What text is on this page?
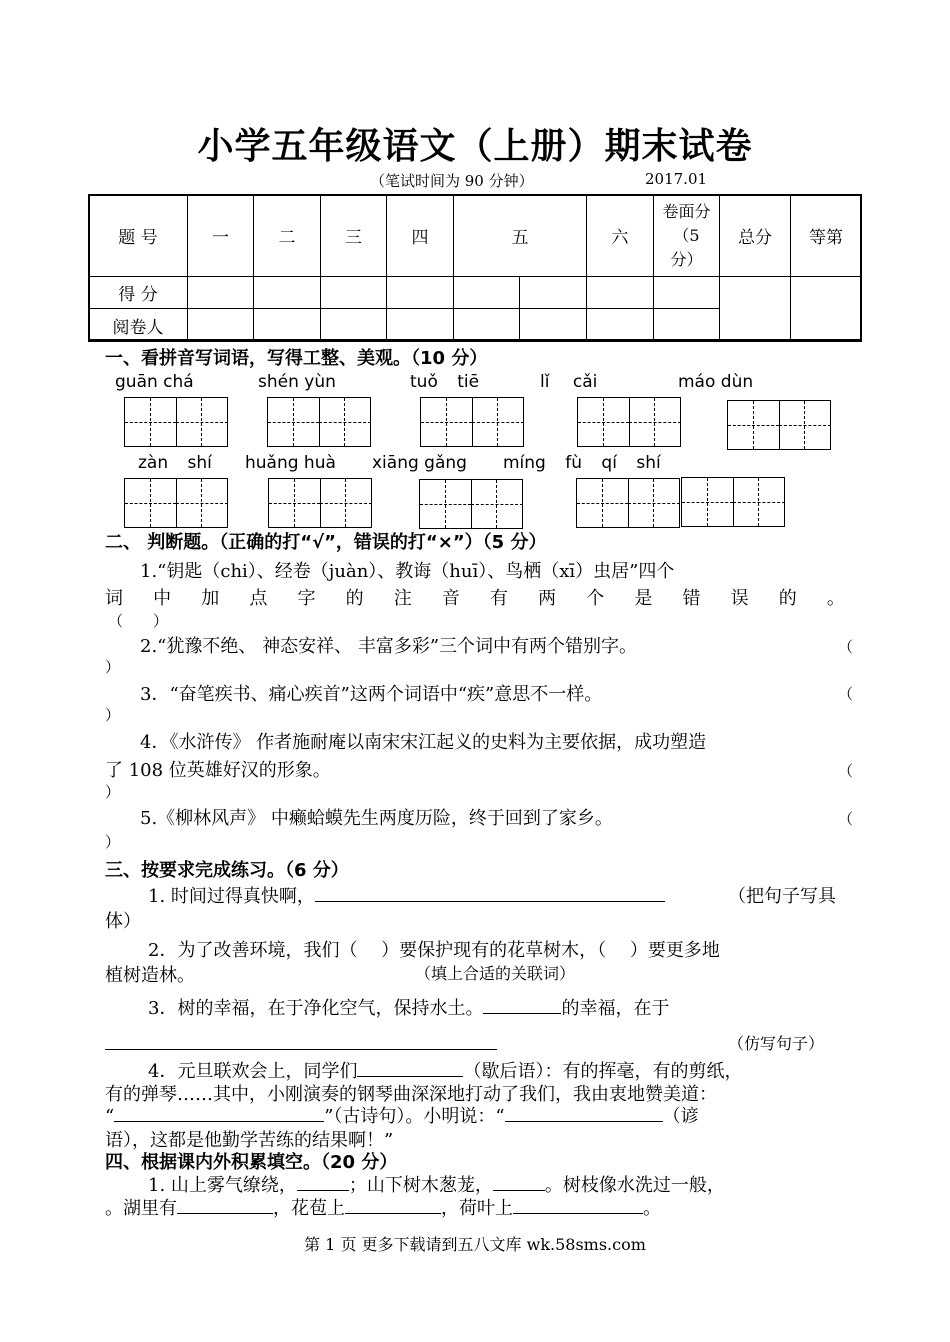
小学五年级语文（上册）期末试卷
（笔试时间为 90 分钟）	2017.01
题 号	一	二	三	四	五		六	卷面分
（5
分）	总分	等第
得 分										
阅卷人										
一、看拼音写词语，写得工整、美观。（10 分）
guān chá	shén yùn	tuǒ tiē	lǐ cǎi	máo dùn
zàn shí huǎng huà xiāng gǎng míng fù qí shí
二、 判断题。（正确的打“√”，错误的打“×”）（5 分）
1.“钥匙（chi）、经卷（juàn）、教诲（huī）、鸟栖（xī）虫居”四个
词 中 加 点 字 的 注 音 有 两 个 是 错 误 的 。
（　　）
2.“犹豫不绝、 神态安祥、 丰富多彩”三个词中有两个错别字。	（
）
3．“奋笔疾书、痛心疾首”这两个词语中“疾”意思不一样。	（
）
4．《水浒传》 作者施耐庵以南宋宋江起义的史料为主要依据，成功塑造
了 108 位英雄好汉的形象。	（
）
5.《柳林风声》 中癞蛤蟆先生两度历险，终于回到了家乡。	（
）
三、按要求完成练习。（6 分）
1. 时间过得真快啊，	（把句子写具
体）
2．为了改善环境，我们（　 ）要保护现有的花草树木，（　 ）要更多地
植树造林。	（填上合适的关联词）
3．树的幸福，在于净化空气，保持水土。	的幸福，在于
（仿写句子）
4．元旦联欢会上，同学们	（歇后语）：有的挥毫，有的剪纸，
有的弹琴……其中，小刚演奏的钢琴曲深深地打动了我们，我由衷地赞美道：
“	”（古诗句）。小明说：“	（谚
语），这都是他勤学苦练的结果啊！”
四、根据课内外积累填空。（20 分）
1. 山上雾气缭绕，	；山下树木葱茏，	。树枝像水洗过一般，
。湖里有	，花苞上	，荷叶上	。
第 1 页 更多下载请到五八文库 wk.58sms.com
